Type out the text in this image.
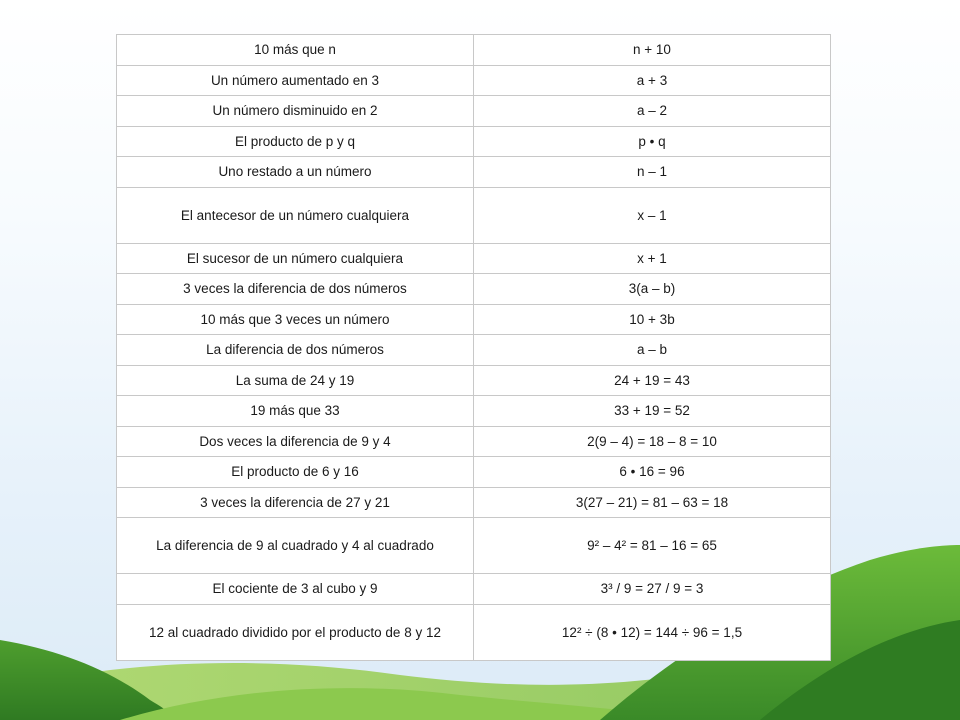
10 más que n	n + 10
Un número aumentado en 3	a + 3
Un número disminuido en 2	a – 2
El producto de p y q	p • q
Uno restado a un número	n – 1
El antecesor de un número cualquiera	x – 1
El sucesor de un número cualquiera	x + 1
3 veces la diferencia de dos números	3(a – b)
10 más que 3 veces un número	10 + 3b
La diferencia de dos números	a – b
La suma de 24 y 19	24 + 19 = 43
19 más que 33	33 + 19 = 52
Dos veces la diferencia de 9 y 4	2(9 – 4) = 18 – 8 = 10
El producto de 6 y 16	6 • 16 = 96
3 veces la diferencia de 27 y 21	3(27 – 21) = 81 – 63 = 18
La diferencia de 9 al cuadrado y 4 al cuadrado	9² – 4² = 81 – 16 = 65
El cociente de 3 al cubo y 9	3³ / 9 = 27 / 9 = 3
12 al cuadrado dividido por el producto de 8 y 12	12² ÷ (8 • 12) = 144 ÷ 96 = 1,5
